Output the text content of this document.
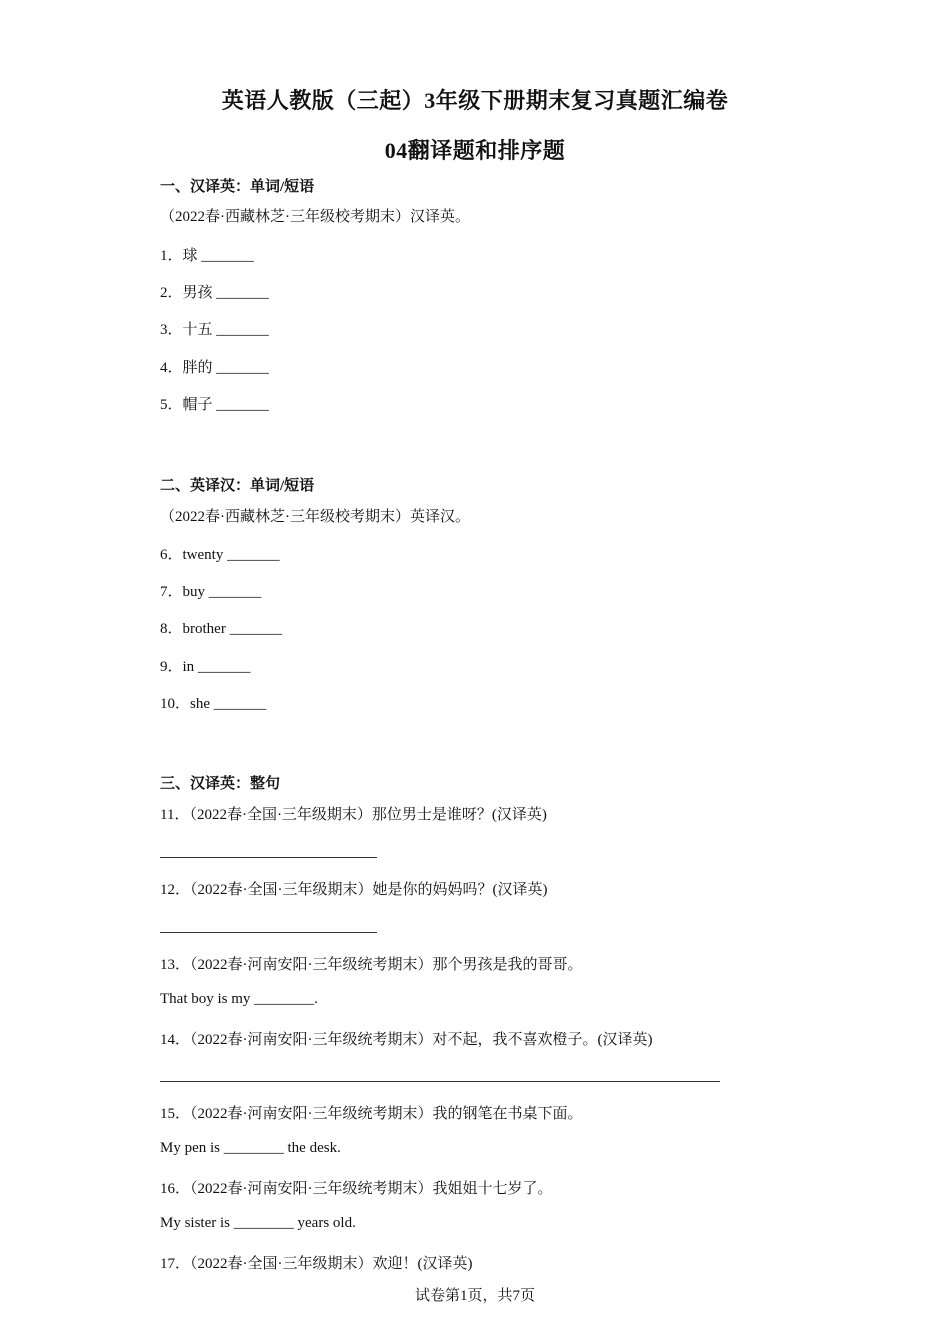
英语人教版（三起）3年级下册期末复习真题汇编卷
04翻译题和排序题
一、汉译英：单词/短语
（2022春·西藏林芝·三年级校考期末）汉译英。
1．球 _______
2．男孩 _______
3．十五 _______
4．胖的 _______
5．帽子 _______
二、英译汉：单词/短语
（2022春·西藏林芝·三年级校考期末）英译汉。
6．twenty _______
7．buy _______
8．brother _______
9．in _______
10．she _______
三、汉译英：整句
11．（2022春·全国·三年级期末）那位男士是谁呀？(汉译英)
12．（2022春·全国·三年级期末）她是你的妈妈吗？(汉译英)
13．（2022春·河南安阳·三年级统考期末）那个男孩是我的哥哥。
That boy is my ________.
14．（2022春·河南安阳·三年级统考期末）对不起，我不喜欢橙子。(汉译英)
15．（2022春·河南安阳·三年级统考期末）我的钢笔在书桌下面。
My pen is ________ the desk.
16．（2022春·河南安阳·三年级统考期末）我姐姐十七岁了。
My sister is ________ years old.
17．（2022春·全国·三年级期末）欢迎！(汉译英)
试卷第1页，共7页
